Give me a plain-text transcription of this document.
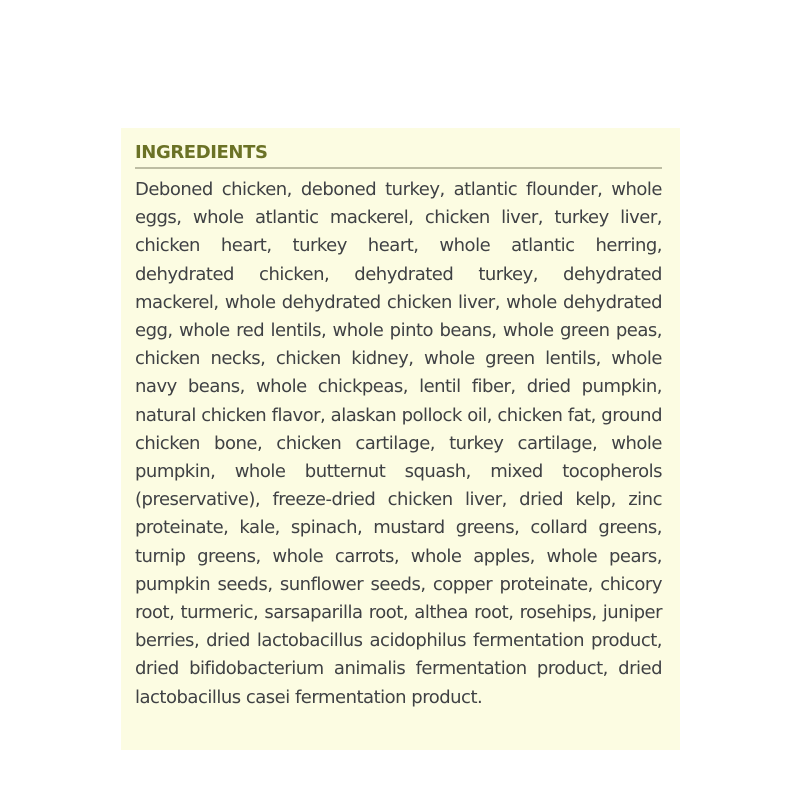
INGREDIENTS

Deboned chicken, deboned turkey, atlantic flounder, whole eggs, whole atlantic mackerel, chicken liver, turkey liver, chicken heart, turkey heart, whole atlantic herring, dehydrated chicken, dehydrated turkey, dehydrated mackerel, whole dehydrated chicken liver, whole dehydrated egg, whole red lentils, whole pinto beans, whole green peas, chicken necks, chicken kidney, whole green lentils, whole navy beans, whole chickpeas, lentil fiber, dried pumpkin, natural chicken flavor, alaskan pollock oil, chicken fat, ground chicken bone, chicken cartilage, turkey cartilage, whole pumpkin, whole butternut squash, mixed tocopherols (preservative), freeze-dried chicken liver, dried kelp, zinc proteinate, kale, spinach, mustard greens, collard greens, turnip greens, whole carrots, whole apples, whole pears, pumpkin seeds, sunflower seeds, copper proteinate, chicory root, turmeric, sarsaparilla root, althea root, rosehips, juniper berries, dried lactobacillus acidophilus fermentation product, dried bifidobacterium animalis fermentation product, dried lactobacillus casei fermentation product.
